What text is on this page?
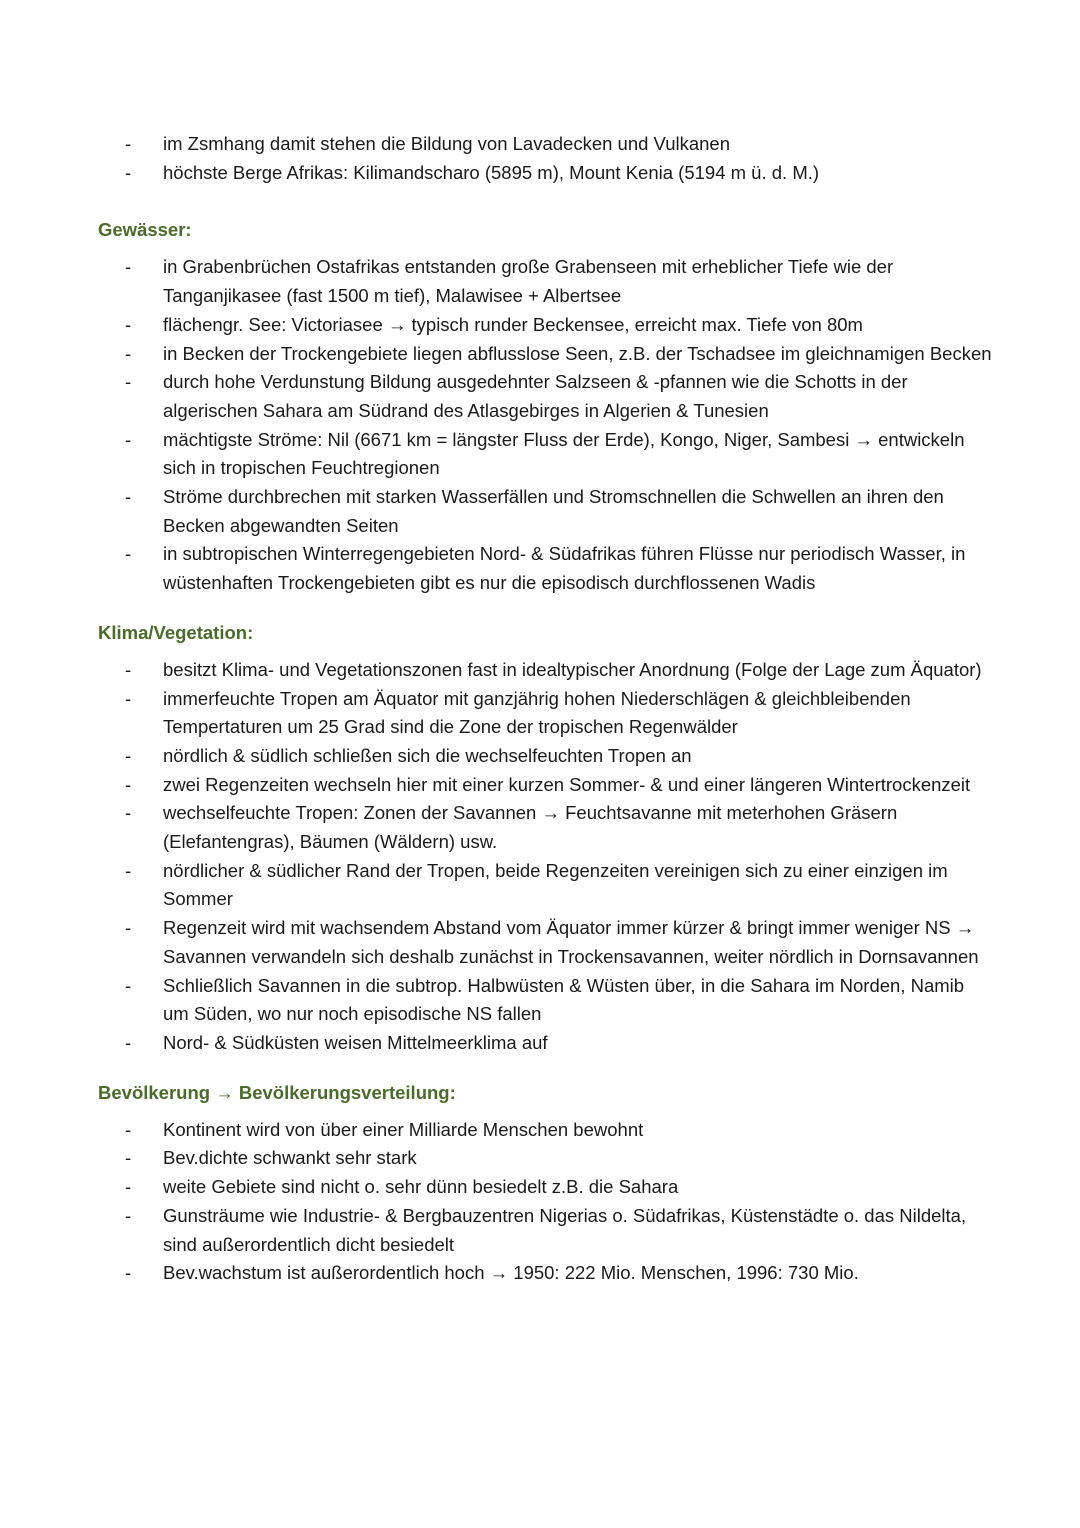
- im Zsmhang damit stehen die Bildung von Lavadecken und Vulkanen
- höchste Berge Afrikas: Kilimandscharo (5895 m), Mount Kenia (5194 m ü. d. M.)
Gewässer:
- in Grabenbrüchen Ostafrikas entstanden große Grabenseen mit erheblicher Tiefe wie der Tanganjikasee (fast 1500 m tief), Malawisee + Albertsee
- flächengr. See: Victoriasee → typisch runder Beckensee, erreicht max. Tiefe von 80m
- in Becken der Trockengebiete liegen abflusslose Seen, z.B. der Tschadsee im gleichnamigen Becken
- durch hohe Verdunstung Bildung ausgedehnter Salzseen & -pfannen wie die Schotts in der algerischen Sahara am Südrand des Atlasgebirges in Algerien & Tunesien
- mächtigste Ströme: Nil (6671 km = längster Fluss der Erde), Kongo, Niger, Sambesi → entwickeln sich in tropischen Feuchtregionen
- Ströme durchbrechen mit starken Wasserfällen und Stromschnellen die Schwellen an ihren den Becken abgewandten Seiten
- in subtropischen Winterregengebieten Nord- & Südafrikas führen Flüsse nur periodisch Wasser, in wüstenhaften Trockengebieten gibt es nur die episodisch durchflossenen Wadis
Klima/Vegetation:
- besitzt Klima- und Vegetationszonen fast in idealtypischer Anordnung (Folge der Lage zum Äquator)
- immerfeuchte Tropen am Äquator mit ganzjährig hohen Niederschlägen & gleichbleibenden Tempertaturen um 25 Grad sind die Zone der tropischen Regenwälder
- nördlich & südlich schließen sich die wechselfeuchten Tropen an
- zwei Regenzeiten wechseln hier mit einer kurzen Sommer- & und einer längeren Wintertrockenzeit
- wechselfeuchte Tropen: Zonen der Savannen → Feuchtsavanne mit meterhohen Gräsern (Elefantengras), Bäumen (Wäldern) usw.
- nördlicher & südlicher Rand der Tropen, beide Regenzeiten vereinigen sich zu einer einzigen im Sommer
- Regenzeit wird mit wachsendem Abstand vom Äquator immer kürzer & bringt immer weniger NS → Savannen verwandeln sich deshalb zunächst in Trockensavannen, weiter nördlich in Dornsavannen
- Schließlich Savannen in die subtrop. Halbwüsten & Wüsten über, in die Sahara im Norden, Namib um Süden, wo nur noch episodische NS fallen
- Nord- & Südküsten weisen Mittelmeerklima auf
Bevölkerung → Bevölkerungsverteilung:
- Kontinent wird von über einer Milliarde Menschen bewohnt
- Bev.dichte schwankt sehr stark
- weite Gebiete sind nicht o. sehr dünn besiedelt z.B. die Sahara
- Gunsträume wie Industrie- & Bergbauzentren Nigerias o. Südafrikas, Küstenstädte o. das Nildelta, sind außerordentlich dicht besiedelt
- Bev.wachstum ist außerordentlich hoch → 1950: 222 Mio. Menschen, 1996: 730 Mio.
